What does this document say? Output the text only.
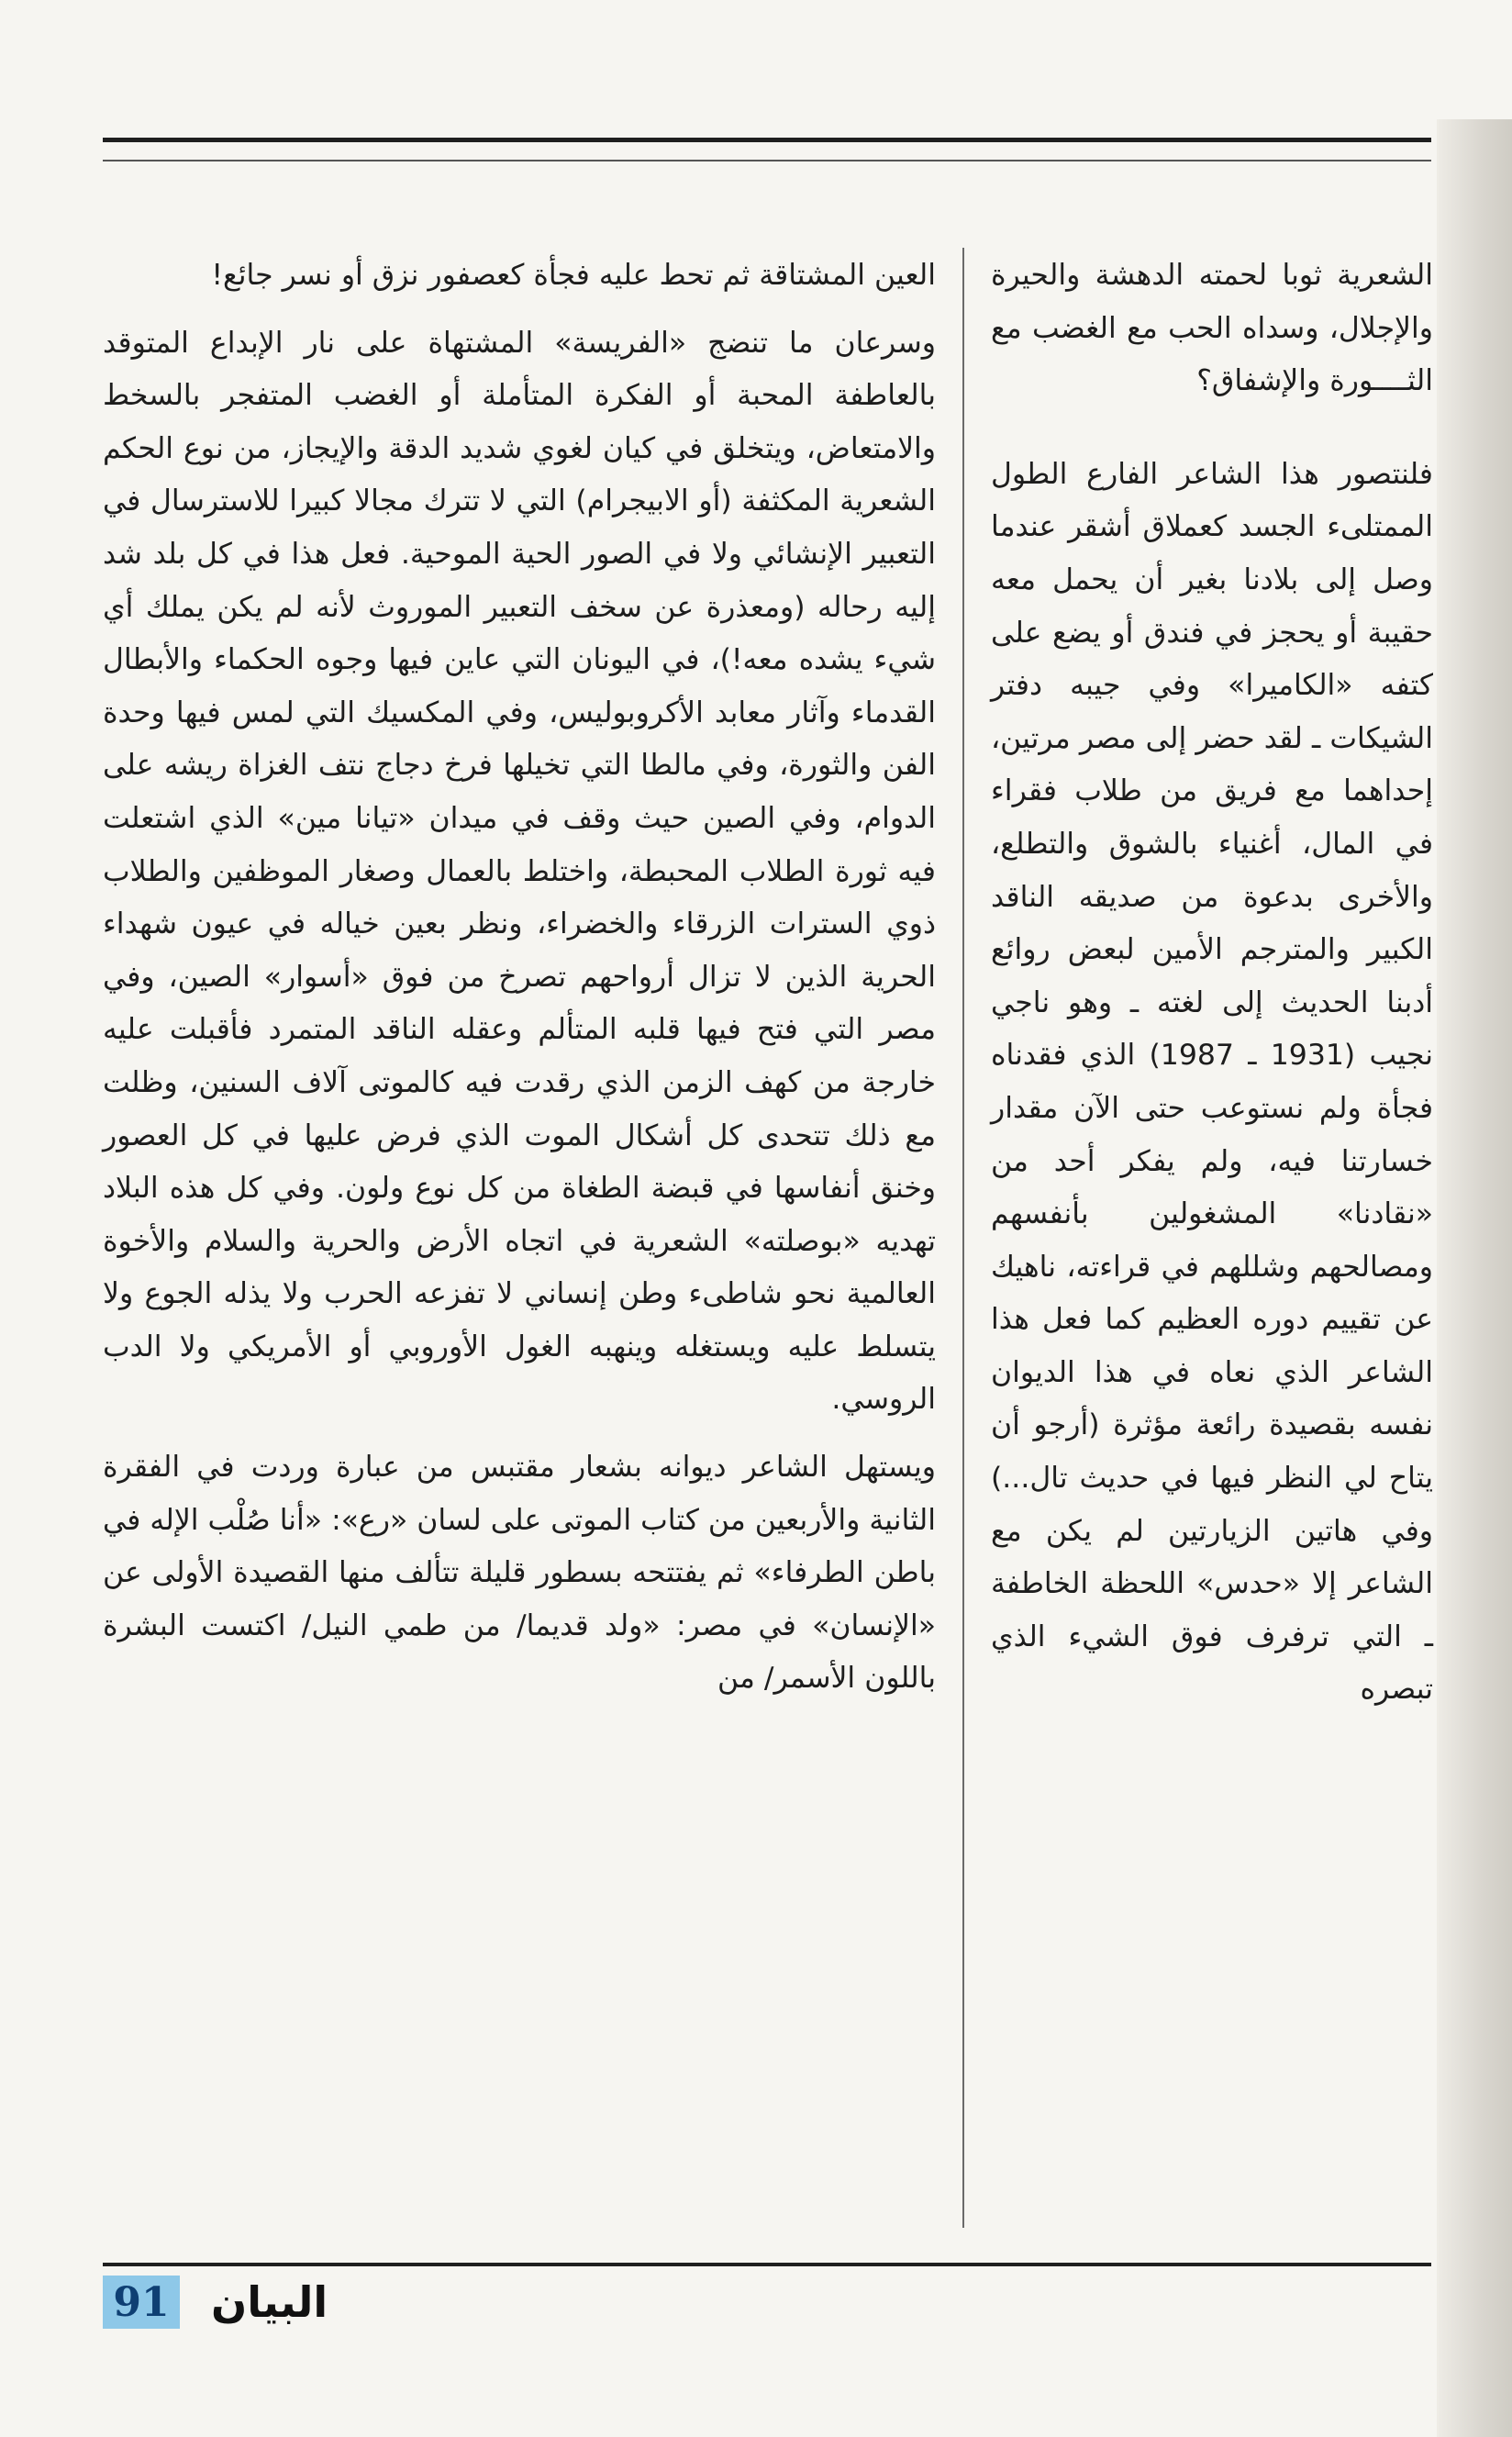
الشعرية ثوبا لحمته الدهشة والحيرة والإجلال، وسداه الحب مع الغضب مع الثــــورة والإشفاق؟

فلنتصور هذا الشاعر الفارع الطول الممتلىء الجسد كعملاق أشقر عندما وصل إلى بلادنا بغير أن يحمل معه حقيبة أو يحجز في فندق أو يضع على كتفه «الكاميرا» وفي جيبه دفتر الشيكات ـ لقد حضر إلى مصر مرتين، إحداهما مع فريق من طلاب فقراء في المال، أغنياء بالشوق والتطلع، والأخرى بدعوة من صديقه الناقد الكبير والمترجم الأمين لبعض روائع أدبنا الحديث إلى لغته ـ وهو ناجي نجيب (1931 ـ 1987) الذي فقدناه فجأة ولم نستوعب حتى الآن مقدار خسارتنا فيه، ولم يفكر أحد من «نقادنا» المشغولين بأنفسهم ومصالحهم وشللهم في قراءته، ناهيك عن تقييم دوره العظيم كما فعل هذا الشاعر الذي نعاه في هذا الديوان نفسه بقصيدة رائعة مؤثرة (أرجو أن يتاح لي النظر فيها في حديث تال...) وفي هاتين الزيارتين لم يكن مع الشاعر إلا «حدس» اللحظة الخاطفة ـ التي ترفرف فوق الشيء الذي تبصره

العين المشتاقة ثم تحط عليه فجأة كعصفور نزق أو نسر جائع!

وسرعان ما تنضج «الفريسة» المشتهاة على نار الإبداع المتوقد بالعاطفة المحبة أو الفكرة المتأملة أو الغضب المتفجر بالسخط والامتعاض، ويتخلق في كيان لغوي شديد الدقة والإيجاز، من نوع الحكم الشعرية المكثفة (أو الابيجرام) التي لا تترك مجالا كبيرا للاسترسال في التعبير الإنشائي ولا في الصور الحية الموحية. فعل هذا في كل بلد شد إليه رحاله (ومعذرة عن سخف التعبير الموروث لأنه لم يكن يملك أي شيء يشده معه!)، في اليونان التي عاين فيها وجوه الحكماء والأبطال القدماء وآثار معابد الأكروبوليس، وفي المكسيك التي لمس فيها وحدة الفن والثورة، وفي مالطا التي تخيلها فرخ دجاج نتف الغزاة ريشه على الدوام، وفي الصين حيث وقف في ميدان «تيانا مين» الذي اشتعلت فيه ثورة الطلاب المحبطة، واختلط بالعمال وصغار الموظفين والطلاب ذوي السترات الزرقاء والخضراء، ونظر بعين خياله في عيون شهداء الحرية الذين لا تزال أرواحهم تصرخ من فوق «أسوار» الصين، وفي مصر التي فتح فيها قلبه المتألم وعقله الناقد المتمرد فأقبلت عليه خارجة من كهف الزمن الذي رقدت فيه كالموتى آلاف السنين، وظلت مع ذلك تتحدى كل أشكال الموت الذي فرض عليها في كل العصور وخنق أنفاسها في قبضة الطغاة من كل نوع ولون. وفي كل هذه البلاد تهديه «بوصلته» الشعرية في اتجاه الأرض والحرية والسلام والأخوة العالمية نحو شاطىء وطن إنساني لا تفزعه الحرب ولا يذله الجوع ولا يتسلط عليه ويستغله وينهبه الغول الأوروبي أو الأمريكي ولا الدب الروسي.

ويستهل الشاعر ديوانه بشعار مقتبس من عبارة وردت في الفقرة الثانية والأربعين من كتاب الموتى على لسان «رع»: «أنا صُلْب الإله في باطن الطرفاء» ثم يفتتحه بسطور قليلة تتألف منها القصيدة الأولى عن «الإنسان» في مصر: «ولد قديما/ من طمي النيل/ اكتست البشرة باللون الأسمر/ من

البيان
91
